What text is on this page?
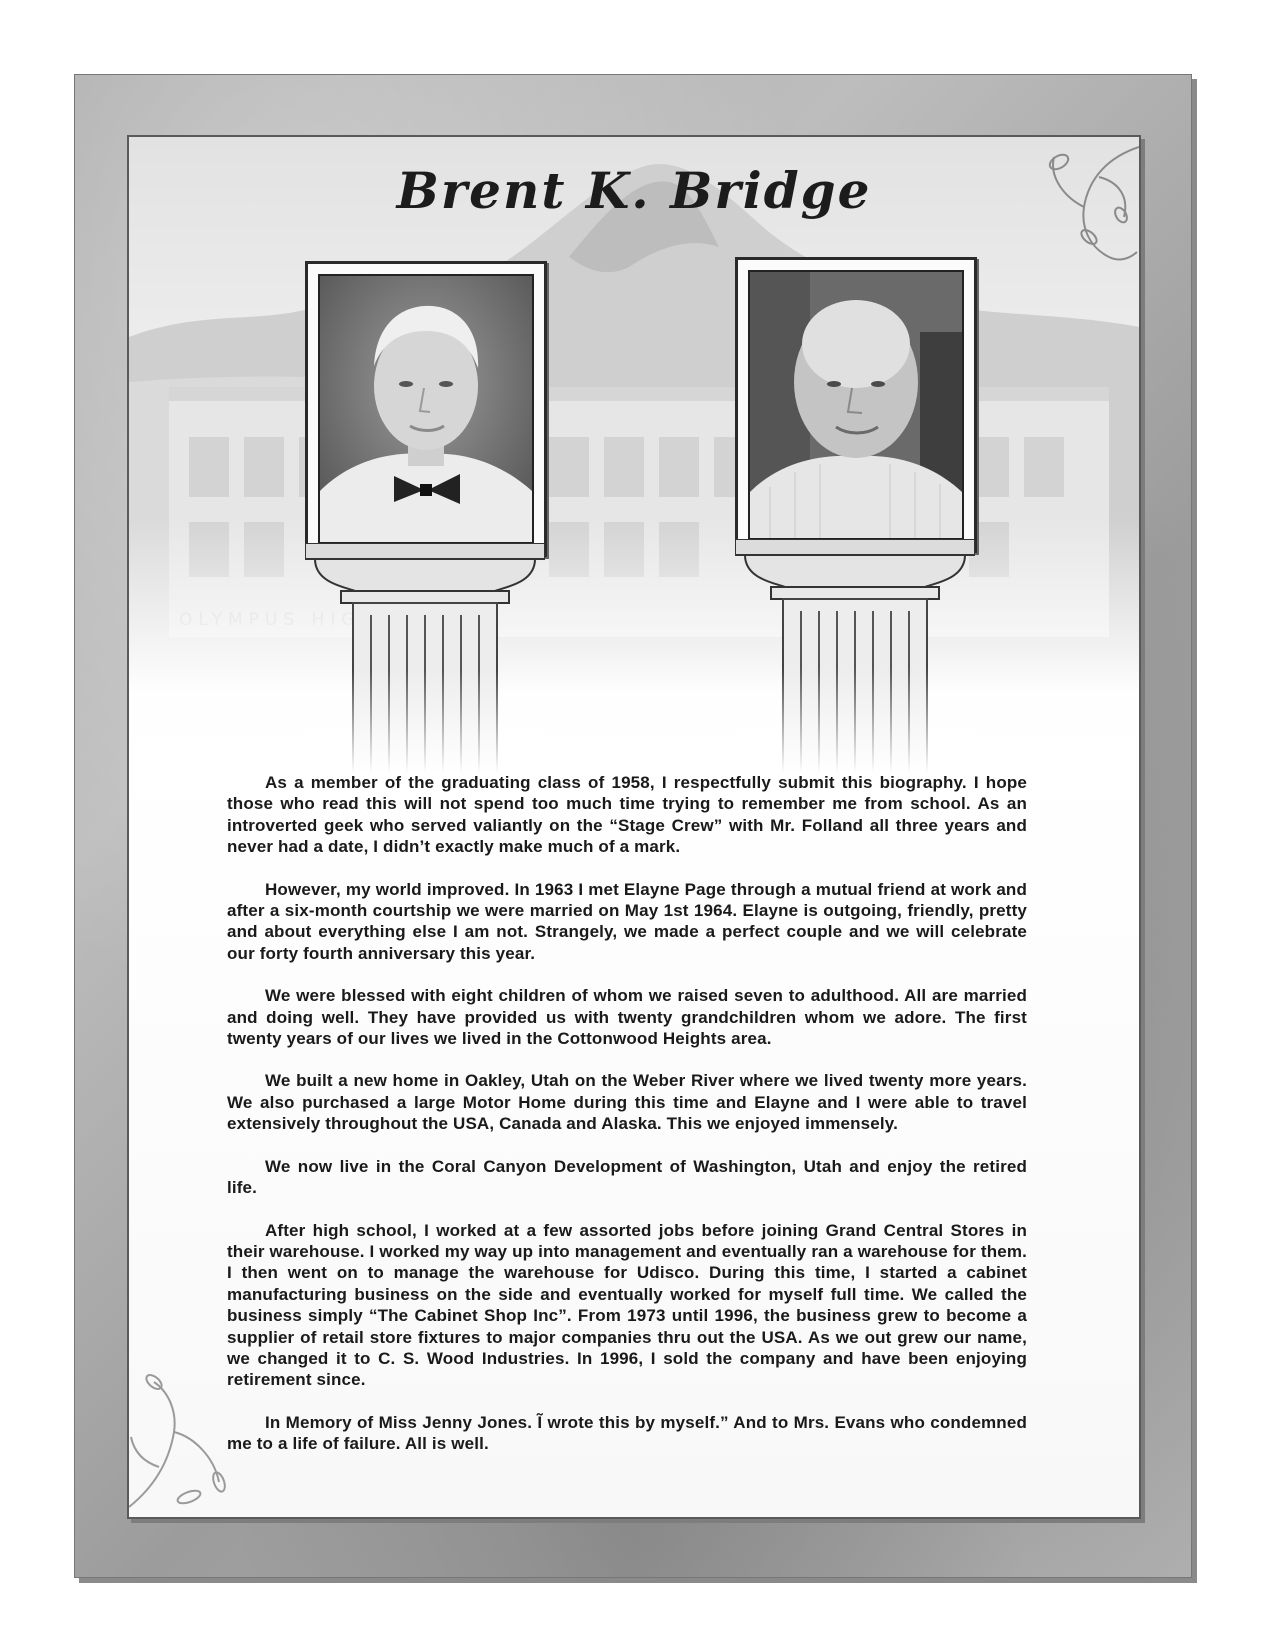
Brent K. Bridge

As a member of the graduating class of 1958, I respectfully submit this biography. I hope those who read this will not spend too much time trying to remember me from school. As an introverted geek who served valiantly on the “Stage Crew” with Mr. Folland all three years and never had a date, I didn’t exactly make much of a mark.

However, my world improved. In 1963 I met Elayne Page through a mutual friend at work and after a six-month courtship we were married on May 1st 1964. Elayne is outgoing, friendly, pretty and about everything else I am not. Strangely, we made a perfect couple and we will celebrate our forty fourth anniversary this year.

We were blessed with eight children of whom we raised seven to adulthood. All are married and doing well. They have provided us with twenty grandchildren whom we adore. The first twenty years of our lives we lived in the Cottonwood Heights area.

We built a new home in Oakley, Utah on the Weber River where we lived twenty more years. We also purchased a large Motor Home during this time and Elayne and I were able to travel extensively throughout the USA, Canada and Alaska. This we enjoyed immensely.

We now live in the Coral Canyon Development of Washington, Utah and enjoy the retired life.

After high school, I worked at a few assorted jobs before joining Grand Central Stores in their warehouse. I worked my way up into management and eventually ran a warehouse for them. I then went on to manage the warehouse for Udisco. During this time, I started a cabinet manufacturing business on the side and eventually worked for myself full time. We called the business simply “The Cabinet Shop Inc”. From 1973 until 1996, the business grew to become a supplier of retail store fixtures to major companies thru out the USA. As we out grew our name, we changed it to C. S. Wood Industries. In 1996, I sold the company and have been enjoying retirement since.

In Memory of Miss Jenny Jones. Ĩ wrote this by myself.” And to Mrs. Evans who condemned me to a life of failure. All is well.
